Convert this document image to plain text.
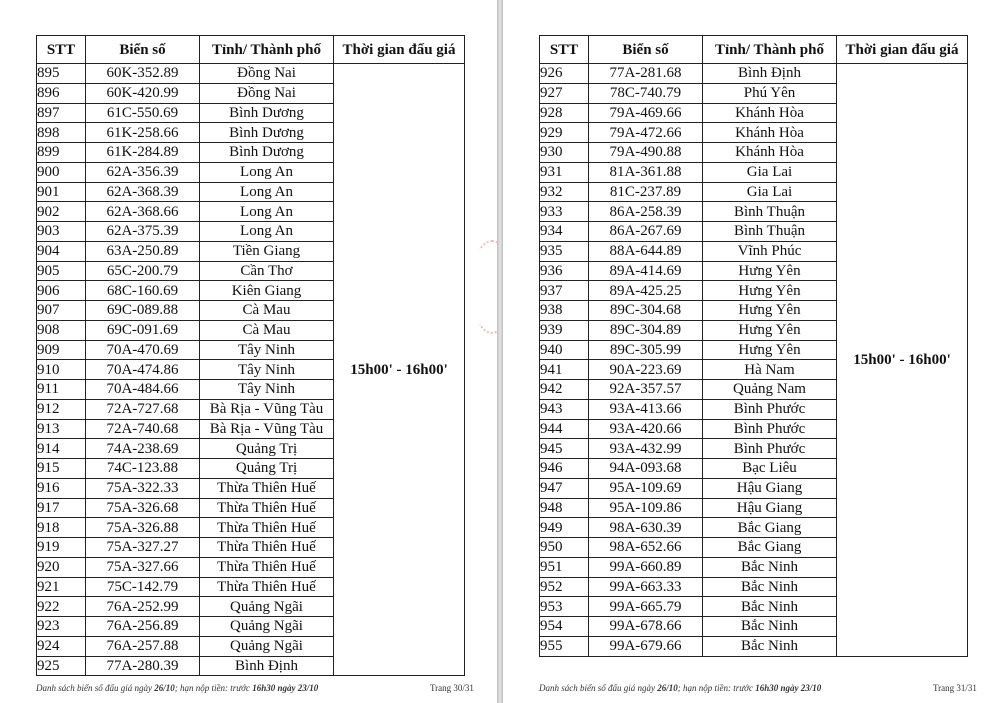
STT	Biển số	Tỉnh/ Thành phố	Thời gian đấu giá
895	60K-352.89	Đồng Nai	15h00' - 16h00'
896	60K-420.99	Đồng Nai	
897	61C-550.69	Bình Dương	
898	61K-258.66	Bình Dương	
899	61K-284.89	Bình Dương	
900	62A-356.39	Long An	
901	62A-368.39	Long An	
902	62A-368.66	Long An	
903	62A-375.39	Long An	
904	63A-250.89	Tiền Giang	
905	65C-200.79	Cần Thơ	
906	68C-160.69	Kiên Giang	
907	69C-089.88	Cà Mau	
908	69C-091.69	Cà Mau	
909	70A-470.69	Tây Ninh	
910	70A-474.86	Tây Ninh	
911	70A-484.66	Tây Ninh	
912	72A-727.68	Bà Rịa - Vũng Tàu	
913	72A-740.68	Bà Rịa - Vũng Tàu	
914	74A-238.69	Quảng Trị	
915	74C-123.88	Quảng Trị	
916	75A-322.33	Thừa Thiên Huế	
917	75A-326.68	Thừa Thiên Huế	
918	75A-326.88	Thừa Thiên Huế	
919	75A-327.27	Thừa Thiên Huế	
920	75A-327.66	Thừa Thiên Huế	
921	75C-142.79	Thừa Thiên Huế	
922	76A-252.99	Quảng Ngãi	
923	76A-256.89	Quảng Ngãi	
924	76A-257.88	Quảng Ngãi	
925	77A-280.39	Bình Định	
Danh sách biển số đấu giá ngày 26/10; hạn nộp tiền: trước 16h30 ngày 23/10	Trang 30/31
STT	Biển số	Tỉnh/ Thành phố	Thời gian đấu giá
926	77A-281.68	Bình Định	15h00' - 16h00'
927	78C-740.79	Phú Yên	
928	79A-469.66	Khánh Hòa	
929	79A-472.66	Khánh Hòa	
930	79A-490.88	Khánh Hòa	
931	81A-361.88	Gia Lai	
932	81C-237.89	Gia Lai	
933	86A-258.39	Bình Thuận	
934	86A-267.69	Bình Thuận	
935	88A-644.89	Vĩnh Phúc	
936	89A-414.69	Hưng Yên	
937	89A-425.25	Hưng Yên	
938	89C-304.68	Hưng Yên	
939	89C-304.89	Hưng Yên	
940	89C-305.99	Hưng Yên	
941	90A-223.69	Hà Nam	
942	92A-357.57	Quảng Nam	
943	93A-413.66	Bình Phước	
944	93A-420.66	Bình Phước	
945	93A-432.99	Bình Phước	
946	94A-093.68	Bạc Liêu	
947	95A-109.69	Hậu Giang	
948	95A-109.86	Hậu Giang	
949	98A-630.39	Bắc Giang	
950	98A-652.66	Bắc Giang	
951	99A-660.89	Bắc Ninh	
952	99A-663.33	Bắc Ninh	
953	99A-665.79	Bắc Ninh	
954	99A-678.66	Bắc Ninh	
955	99A-679.66	Bắc Ninh	
Danh sách biển số đấu giá ngày 26/10; hạn nộp tiền: trước 16h30 ngày 23/10	Trang 31/31
